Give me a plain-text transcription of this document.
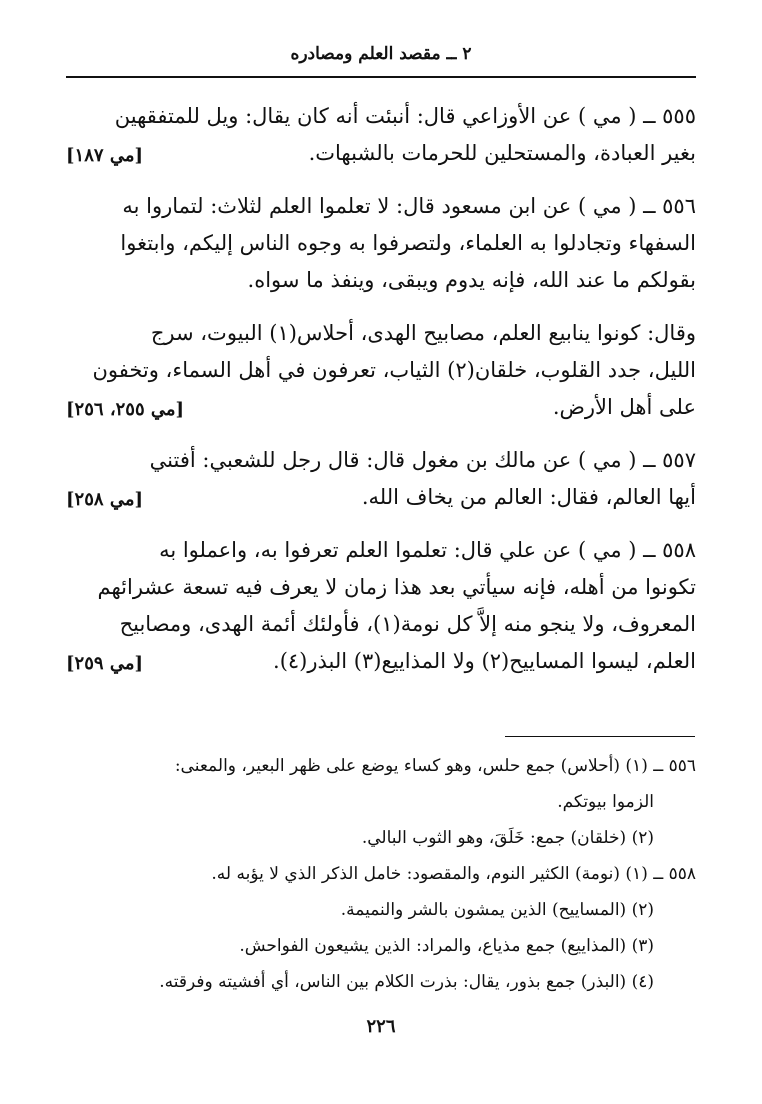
٢ ــ مقصد العلم ومصادره

٥٥٥ ــ ( مي ) عن الأوزاعي قال: أنبئت أنه كان يقال: ويل للمتفقهين

[مي ١٨٧]	بغير العبادة، والمستحلين للحرمات بالشبهات.

٥٥٦ ــ ( مي ) عن ابن مسعود قال: لا تعلموا العلم لثلاث: لتماروا به
السفهاء وتجادلوا به العلماء، ولتصرفوا به وجوه الناس إليكم، وابتغوا
بقولكم ما عند الله، فإنه يدوم ويبقى، وينفذ ما سواه.

وقال: كونوا ينابيع العلم، مصابيح الهدى، أحلاس(١) البيوت، سرج
الليل، جدد القلوب، خلقان(٢) الثياب، تعرفون في أهل السماء، وتخفون

[مي ٢٥٥، ٢٥٦]	على أهل الأرض.

٥٥٧ ــ ( مي ) عن مالك بن مغول قال: قال رجل للشعبي: أفتني

[مي ٢٥٨]	أيها العالم، فقال: العالم من يخاف الله.

٥٥٨ ــ ( مي ) عن علي قال: تعلموا العلم تعرفوا به، واعملوا به
تكونوا من أهله، فإنه سيأتي بعد هذا زمان لا يعرف فيه تسعة عشرائهم
المعروف، ولا ينجو منه إلاَّ كل نومة(١)، فأولئك أئمة الهدى، ومصابيح

[مي ٢٥٩]	العلم، ليسوا المساييح(٢) ولا المذاييع(٣) البذر(٤).

٥٥٦ ــ (١) (أحلاس) جمع حلس، وهو كساء يوضع على ظهر البعير، والمعنى:

الزموا بيوتكم.

(٢) (خلقان) جمع: خَلَقَ، وهو الثوب البالي.

٥٥٨ ــ (١) (نومة) الكثير النوم، والمقصود: خامل الذكر الذي لا يؤبه له.

(٢) (المساييح) الذين يمشون بالشر والنميمة.

(٣) (المذاييع) جمع مذياع، والمراد: الذين يشيعون الفواحش.

(٤) (البذر) جمع بذور، يقال: بذرت الكلام بين الناس، أي أفشيته وفرقته.

٢٢٦
